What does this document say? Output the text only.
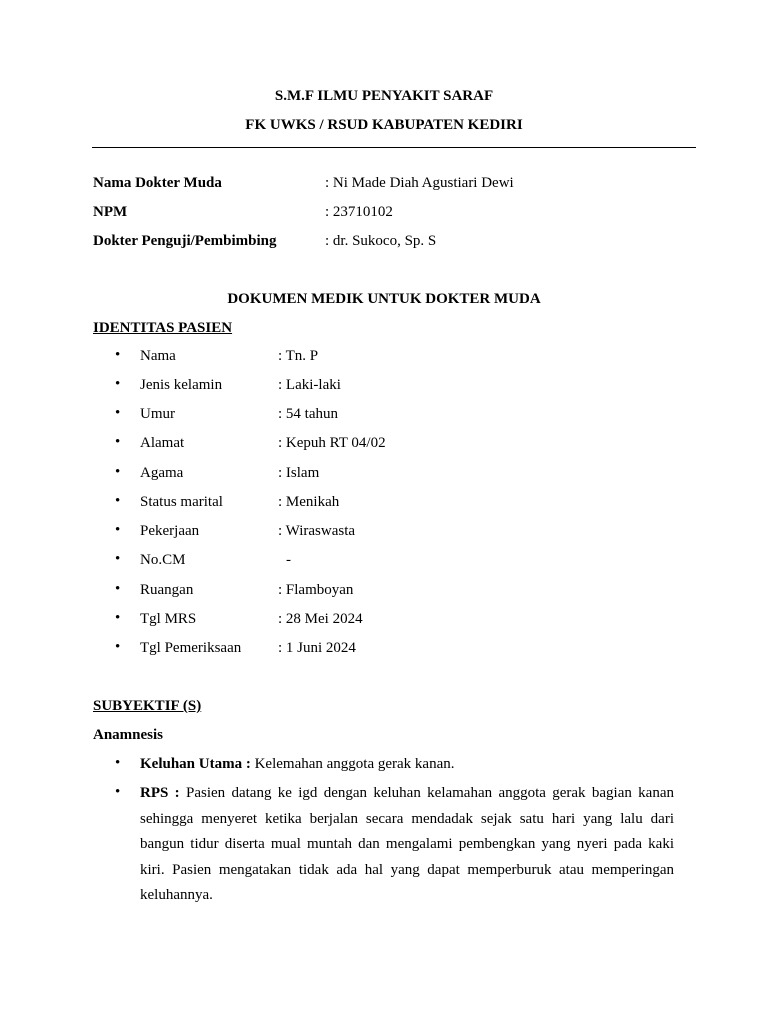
S.M.F ILMU PENYAKIT SARAF
FK UWKS / RSUD KABUPATEN KEDIRI
Nama Dokter Muda	: Ni Made Diah Agustiari Dewi
NPM	: 23710102
Dokter Penguji/Pembimbing	: dr. Sukoco, Sp. S
DOKUMEN MEDIK UNTUK DOKTER MUDA
IDENTITAS PASIEN
• Nama	: Tn. P
• Jenis kelamin	: Laki-laki
• Umur	: 54 tahun
• Alamat	: Kepuh RT 04/02
• Agama	: Islam
• Status marital	: Menikah
• Pekerjaan	: Wiraswasta
• No.CM	-
• Ruangan	: Flamboyan
• Tgl MRS	: 28 Mei 2024
• Tgl Pemeriksaan : 1 Juni 2024
SUBYEKTIF (S)
Anamnesis
• Keluhan Utama : Kelemahan anggota gerak kanan.
• RPS : Pasien datang ke igd dengan keluhan kelamahan anggota gerak bagian kanan sehingga menyeret ketika berjalan secara mendadak sejak satu hari yang lalu dari bangun tidur diserta mual muntah dan mengalami pembengkan yang nyeri pada kaki kiri. Pasien mengatakan tidak ada hal yang dapat memperburuk atau memperingan keluhannya.
